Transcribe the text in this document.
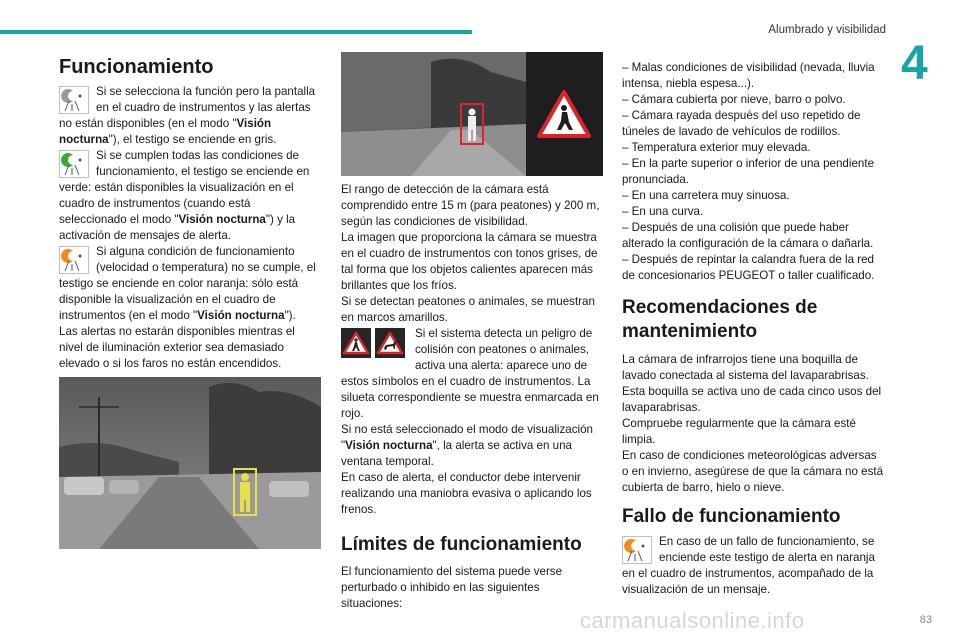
Alumbrado y visibilidad
4
Funcionamiento

Si se selecciona la función pero la pantalla en el cuadro de instrumentos y las alertas no están disponibles (en el modo "Visión nocturna"), el testigo se enciende en gris.

Si se cumplen todas las condiciones de funcionamiento, el testigo se enciende en verde: están disponibles la visualización en el cuadro de instrumentos (cuando está seleccionado el modo "Visión nocturna") y la activación de mensajes de alerta.

Si alguna condición de funcionamiento (velocidad o temperatura) no se cumple, el testigo se enciende en color naranja: sólo está disponible la visualización en el cuadro de instrumentos (en el modo "Visión nocturna").

Las alertas no estarán disponibles mientras el nivel de iluminación exterior sea demasiado elevado o si los faros no están encendidos.

El rango de detección de la cámara está comprendido entre 15 m (para peatones) y 200 m, según las condiciones de visibilidad.

La imagen que proporciona la cámara se muestra en el cuadro de instrumentos con tonos grises, de tal forma que los objetos calientes aparecen más brillantes que los fríos.

Si se detectan peatones o animales, se muestran en marcos amarillos.

Si el sistema detecta un peligro de colisión con peatones o animales, activa una alerta: aparece uno de estos símbolos en el cuadro de instrumentos. La silueta correspondiente se muestra enmarcada en rojo.

Si no está seleccionado el modo de visualización "Visión nocturna", la alerta se activa en una ventana temporal.

En caso de alerta, el conductor debe intervenir realizando una maniobra evasiva o aplicando los frenos.

Límites de funcionamiento

El funcionamiento del sistema puede verse perturbado o inhibido en las siguientes situaciones:

– Malas condiciones de visibilidad (nevada, lluvia intensa, niebla espesa...).

– Cámara cubierta por nieve, barro o polvo.

– Cámara rayada después del uso repetido de túneles de lavado de vehículos de rodillos.

– Temperatura exterior muy elevada.

– En la parte superior o inferior de una pendiente pronunciada.

– En una carretera muy sinuosa.

– En una curva.

– Después de una colisión que puede haber alterado la configuración de la cámara o dañarla.

– Después de repintar la calandra fuera de la red de concesionarios PEUGEOT o taller cualificado.

Recomendaciones de mantenimiento

La cámara de infrarrojos tiene una boquilla de lavado conectada al sistema del lavaparabrisas.

Esta boquilla se activa uno de cada cinco usos del lavaparabrisas.

Compruebe regularmente que la cámara esté limpia.

En caso de condiciones meteorológicas adversas o en invierno, asegúrese de que la cámara no está cubierta de barro, hielo o nieve.

Fallo de funcionamiento

En caso de un fallo de funcionamiento, se enciende este testigo de alerta en naranja en el cuadro de instrumentos, acompañado de la visualización de un mensaje.

carmanualsonline.info	83
